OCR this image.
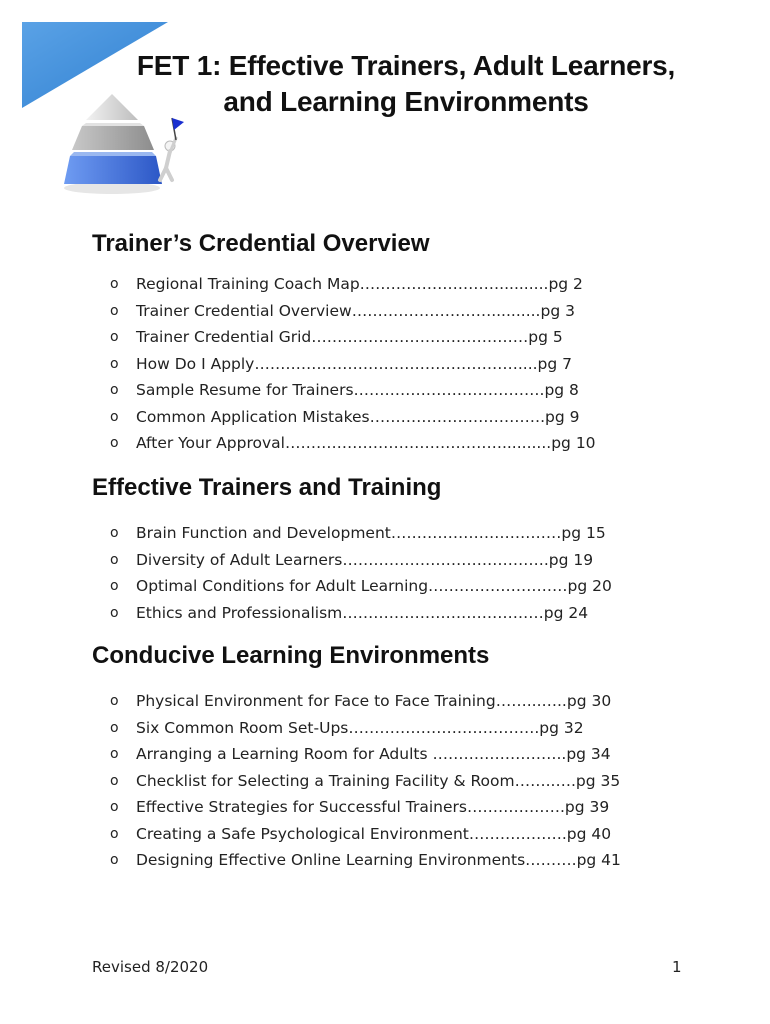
FET 1: Effective Trainers, Adult Learners,
and Learning Environments
Trainer’s Credential Overview
o Regional Training Coach Map………………………..........pg 2
o Trainer Credential Overview………………………..........pg 3
o Trainer Credential Grid……………………………………pg 5
o How Do I Apply……………………………………………....pg 7
o Sample Resume for Trainers……………………………….pg 8
o Common Application Mistakes…………………………….pg 9
o After Your Approval……………………………………..........pg 10
Effective Trainers and Training
o Brain Function and Development……………………………pg 15
o Diversity of Adult Learners………………………………….pg 19
o Optimal Conditions for Adult Learning………………………pg 20
o Ethics and Professionalism…………………………………pg 24
Conducive Learning Environments
o Physical Environment for Face to Face Training……...…..pg 30
o Six Common Room Set-Ups……………………………….pg 32
o Arranging a Learning Room for Adults ……………………..pg 34
o Checklist for Selecting a Training Facility & Room……..….pg 35
o Effective Strategies for Successful Trainers……………….pg 39
o Creating a Safe Psychological Environment……………….pg 40
o Designing Effective Online Learning Environments……….pg 41
Revised 8/2020	1
